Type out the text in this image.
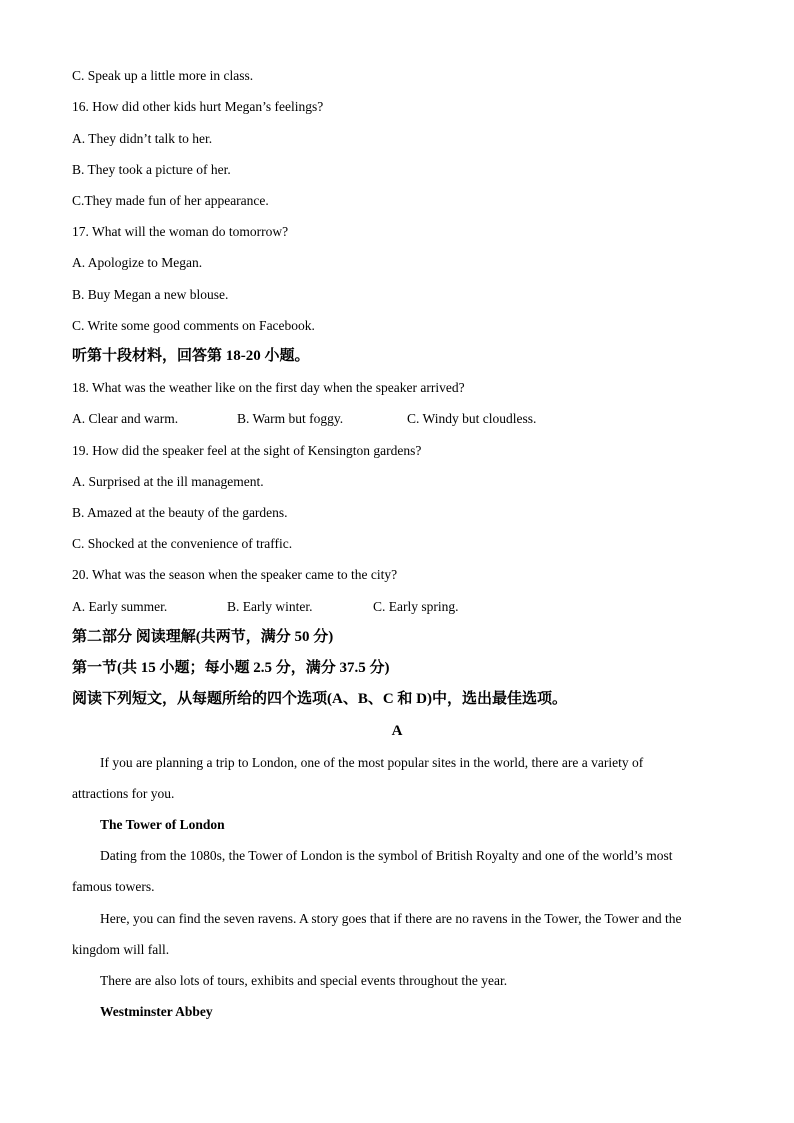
C. Speak up a little more in class.
16. How did other kids hurt Megan’s feelings?
A. They didn’t talk to her.
B. They took a picture of her.
C.They made fun of her appearance.
17. What will the woman do tomorrow?
A. Apologize to Megan.
B. Buy Megan a new blouse.
C. Write some good comments on Facebook.
听第十段材料，回答第 18-20 小题。
18. What was the weather like on the first day when the speaker arrived?
A. Clear and warm.	B. Warm but foggy.	C. Windy but cloudless.
19. How did the speaker feel at the sight of Kensington gardens?
A. Surprised at the ill management.
B. Amazed at the beauty of the gardens.
C. Shocked at the convenience of traffic.
20. What was the season when the speaker came to the city?
A. Early summer.	B. Early winter.	C. Early spring.
第二部分 阅读理解(共两节，满分 50 分)
第一节(共 15 小题；每小题 2.5 分，满分 37.5 分)
阅读下列短文，从每题所给的四个选项(A、B、C 和 D)中，选出最佳选项。
A
If you are planning a trip to London, one of the most popular sites in the world, there are a variety of
attractions for you.
The Tower of London
Dating from the 1080s, the Tower of London is the symbol of British Royalty and one of the world’s most
famous towers.
Here, you can find the seven ravens. A story goes that if there are no ravens in the Tower, the Tower and the
kingdom will fall.
There are also lots of tours, exhibits and special events throughout the year.
Westminster Abbey
